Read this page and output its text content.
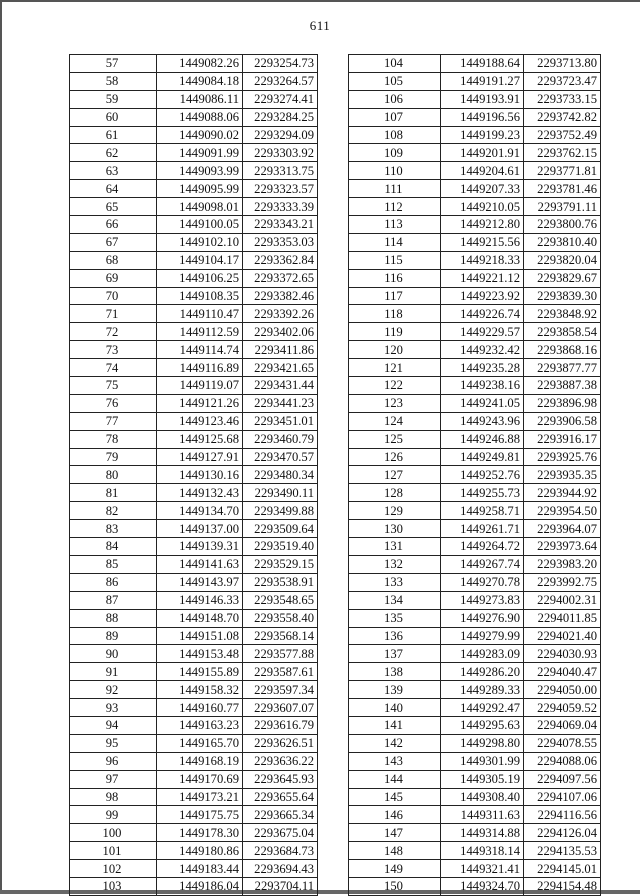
611
57	1449082.26	2293254.73
58	1449084.18	2293264.57
59	1449086.11	2293274.41
60	1449088.06	2293284.25
61	1449090.02	2293294.09
62	1449091.99	2293303.92
63	1449093.99	2293313.75
64	1449095.99	2293323.57
65	1449098.01	2293333.39
66	1449100.05	2293343.21
67	1449102.10	2293353.03
68	1449104.17	2293362.84
69	1449106.25	2293372.65
70	1449108.35	2293382.46
71	1449110.47	2293392.26
72	1449112.59	2293402.06
73	1449114.74	2293411.86
74	1449116.89	2293421.65
75	1449119.07	2293431.44
76	1449121.26	2293441.23
77	1449123.46	2293451.01
78	1449125.68	2293460.79
79	1449127.91	2293470.57
80	1449130.16	2293480.34
81	1449132.43	2293490.11
82	1449134.70	2293499.88
83	1449137.00	2293509.64
84	1449139.31	2293519.40
85	1449141.63	2293529.15
86	1449143.97	2293538.91
87	1449146.33	2293548.65
88	1449148.70	2293558.40
89	1449151.08	2293568.14
90	1449153.48	2293577.88
91	1449155.89	2293587.61
92	1449158.32	2293597.34
93	1449160.77	2293607.07
94	1449163.23	2293616.79
95	1449165.70	2293626.51
96	1449168.19	2293636.22
97	1449170.69	2293645.93
98	1449173.21	2293655.64
99	1449175.75	2293665.34
100	1449178.30	2293675.04
101	1449180.86	2293684.73
102	1449183.44	2293694.43
103	1449186.04	2293704.11
104	1449188.64	2293713.80
105	1449191.27	2293723.47
106	1449193.91	2293733.15
107	1449196.56	2293742.82
108	1449199.23	2293752.49
109	1449201.91	2293762.15
110	1449204.61	2293771.81
111	1449207.33	2293781.46
112	1449210.05	2293791.11
113	1449212.80	2293800.76
114	1449215.56	2293810.40
115	1449218.33	2293820.04
116	1449221.12	2293829.67
117	1449223.92	2293839.30
118	1449226.74	2293848.92
119	1449229.57	2293858.54
120	1449232.42	2293868.16
121	1449235.28	2293877.77
122	1449238.16	2293887.38
123	1449241.05	2293896.98
124	1449243.96	2293906.58
125	1449246.88	2293916.17
126	1449249.81	2293925.76
127	1449252.76	2293935.35
128	1449255.73	2293944.92
129	1449258.71	2293954.50
130	1449261.71	2293964.07
131	1449264.72	2293973.64
132	1449267.74	2293983.20
133	1449270.78	2293992.75
134	1449273.83	2294002.31
135	1449276.90	2294011.85
136	1449279.99	2294021.40
137	1449283.09	2294030.93
138	1449286.20	2294040.47
139	1449289.33	2294050.00
140	1449292.47	2294059.52
141	1449295.63	2294069.04
142	1449298.80	2294078.55
143	1449301.99	2294088.06
144	1449305.19	2294097.56
145	1449308.40	2294107.06
146	1449311.63	2294116.56
147	1449314.88	2294126.04
148	1449318.14	2294135.53
149	1449321.41	2294145.01
150	1449324.70	2294154.48
